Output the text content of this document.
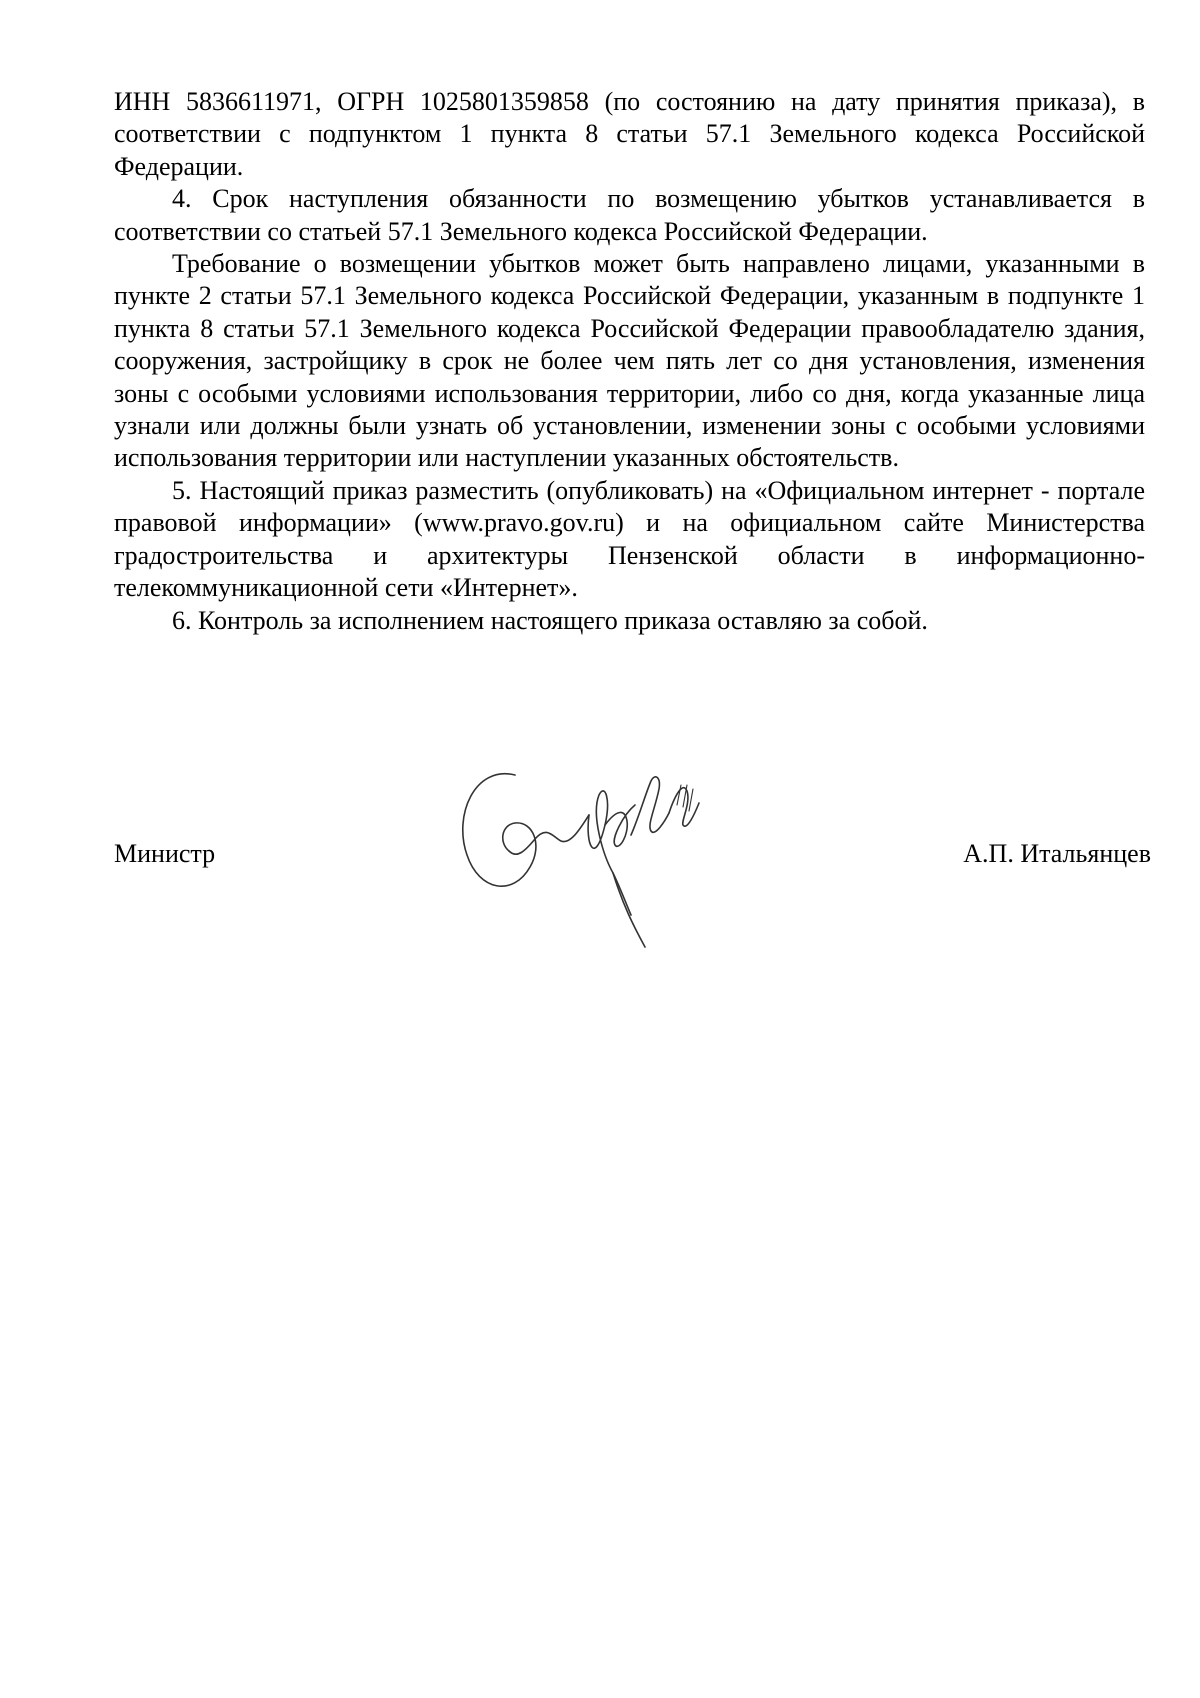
ИНН 5836611971, ОГРН 1025801359858 (по состоянию на дату принятия приказа), в соответствии с подпунктом 1 пункта 8 статьи 57.1 Земельного кодекса Российской Федерации.

4. Срок наступления обязанности по возмещению убытков устанавливается в соответствии со статьей 57.1 Земельного кодекса Российской Федерации.

Требование о возмещении убытков может быть направлено лицами, указанными в пункте 2 статьи 57.1 Земельного кодекса Российской Федерации, указанным в подпункте 1 пункта 8 статьи 57.1 Земельного кодекса Российской Федерации правообладателю здания, сооружения, застройщику в срок не более чем пять лет со дня установления, изменения зоны с особыми условиями использования территории, либо со дня, когда указанные лица узнали или должны были узнать об установлении, изменении зоны с особыми условиями использования территории или наступлении указанных обстоятельств.

5. Настоящий приказ разместить (опубликовать) на «Официальном интернет - портале правовой информации» (www.pravo.gov.ru) и на официальном сайте Министерства градостроительства и архитектуры Пензенской области в информационно-телекоммуникационной сети «Интернет».

6. Контроль за исполнением настоящего приказа оставляю за собой.

Министр	А.П. Итальянцев
